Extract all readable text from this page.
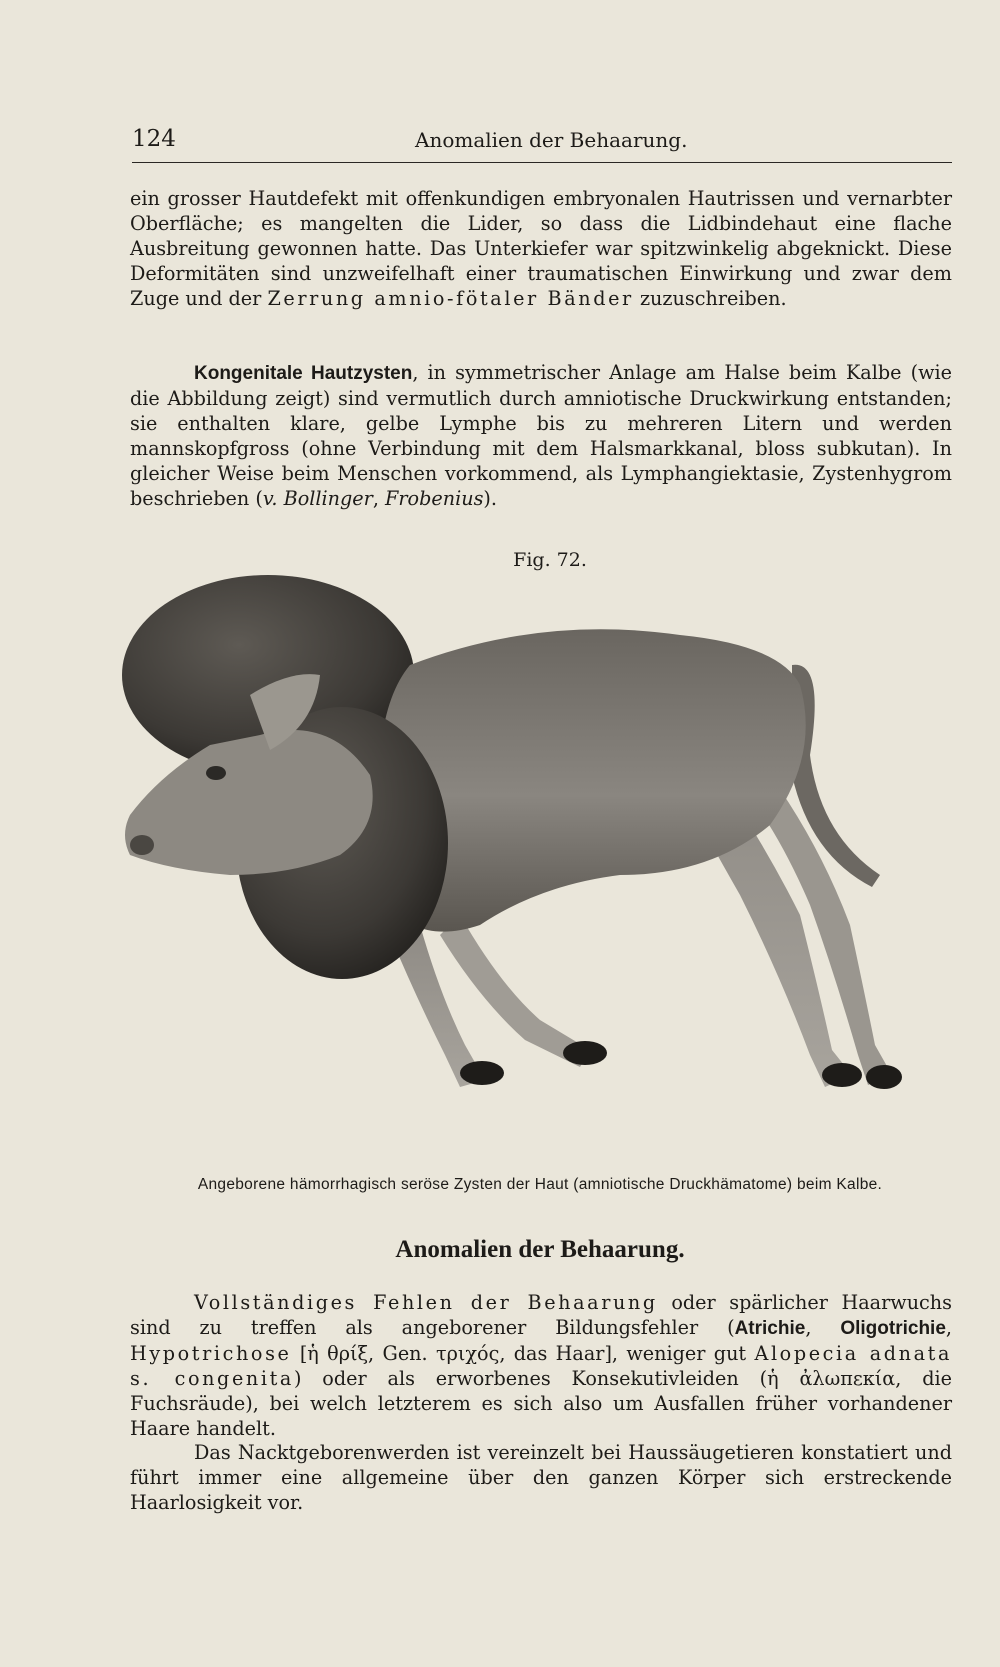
124	Anomalien der Behaarung.

ein grosser Hautdefekt mit offenkundigen embryonalen Hautrissen und vernarbter Oberfläche; es mangelten die Lider, so dass die Lidbindehaut eine flache Ausbreitung gewonnen hatte. Das Unterkiefer war spitzwinkelig abgeknickt. Diese Deformitäten sind unzweifelhaft einer traumatischen Einwirkung und zwar dem Zuge und der Zerrung amnio-fötaler Bänder zuzuschreiben.

Kongenitale Hautzysten, in symmetrischer Anlage am Halse beim Kalbe (wie die Abbildung zeigt) sind vermutlich durch amniotische Druckwirkung entstanden; sie enthalten klare, gelbe Lymphe bis zu mehreren Litern und werden mannskopfgross (ohne Verbindung mit dem Halsmarkkanal, bloss subkutan). In gleicher Weise beim Menschen vorkommend, als Lymphangiektasie, Zystenhygrom beschrieben (v. Bollinger, Frobenius).

Fig. 72.
Angeborene hämorrhagisch seröse Zysten der Haut (amniotische Druckhämatome) beim Kalbe.
Anomalien der Behaarung.

Vollständiges Fehlen der Behaarung oder spärlicher Haarwuchs sind zu treffen als angeborener Bildungsfehler (Atrichie, Oligotrichie, Hypotrichose [ἡ θρίξ, Gen. τριχός, das Haar], weniger gut Alopecia adnata s. congenita) oder als erworbenes Konsekutivleiden (ἡ ἀλωπεκία, die Fuchsräude), bei welch letzterem es sich also um Ausfallen früher vorhandener Haare handelt.

Das Nacktgeborenwerden ist vereinzelt bei Haussäugetieren konstatiert und führt immer eine allgemeine über den ganzen Körper sich erstreckende Haarlosigkeit vor.
